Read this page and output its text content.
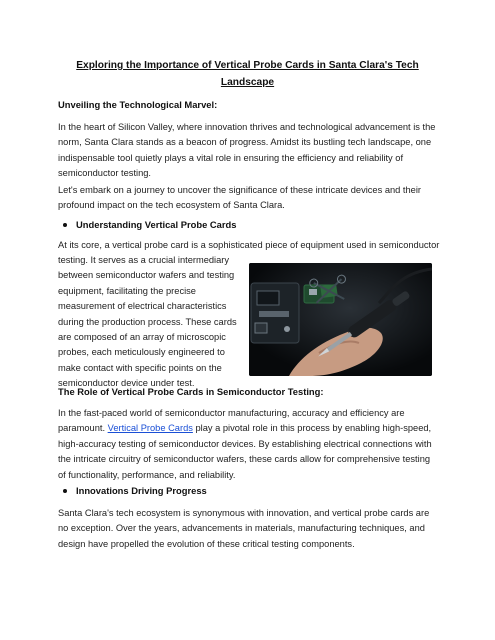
Exploring the Importance of Vertical Probe Cards in Santa Clara's Tech Landscape
Unveiling the Technological Marvel:

In the heart of Silicon Valley, where innovation thrives and technological advancement is the norm, Santa Clara stands as a beacon of progress. Amidst its bustling tech landscape, one indispensable tool quietly plays a vital role in ensuring the efficiency and reliability of semiconductor testing.

Let's embark on a journey to uncover the significance of these intricate devices and their profound impact on the tech ecosystem of Santa Clara.

Understanding Vertical Probe Cards

At its core, a vertical probe card is a sophisticated piece of equipment used in semiconductor

testing. It serves as a crucial intermediary between semiconductor wafers and testing equipment, facilitating the precise measurement of electrical characteristics during the production process. These cards are composed of an array of microscopic probes, each meticulously engineered to make contact with specific points on the semiconductor device under test.

The Role of Vertical Probe Cards in Semiconductor Testing:

In the fast-paced world of semiconductor manufacturing, accuracy and efficiency are paramount. Vertical Probe Cards play a pivotal role in this process by enabling high-speed, high-accuracy testing of semiconductor devices. By establishing electrical connections with the intricate circuitry of semiconductor wafers, these cards allow for comprehensive testing of functionality, performance, and reliability.

Innovations Driving Progress

Santa Clara's tech ecosystem is synonymous with innovation, and vertical probe cards are no exception. Over the years, advancements in materials, manufacturing techniques, and design have propelled the evolution of these critical testing components.
